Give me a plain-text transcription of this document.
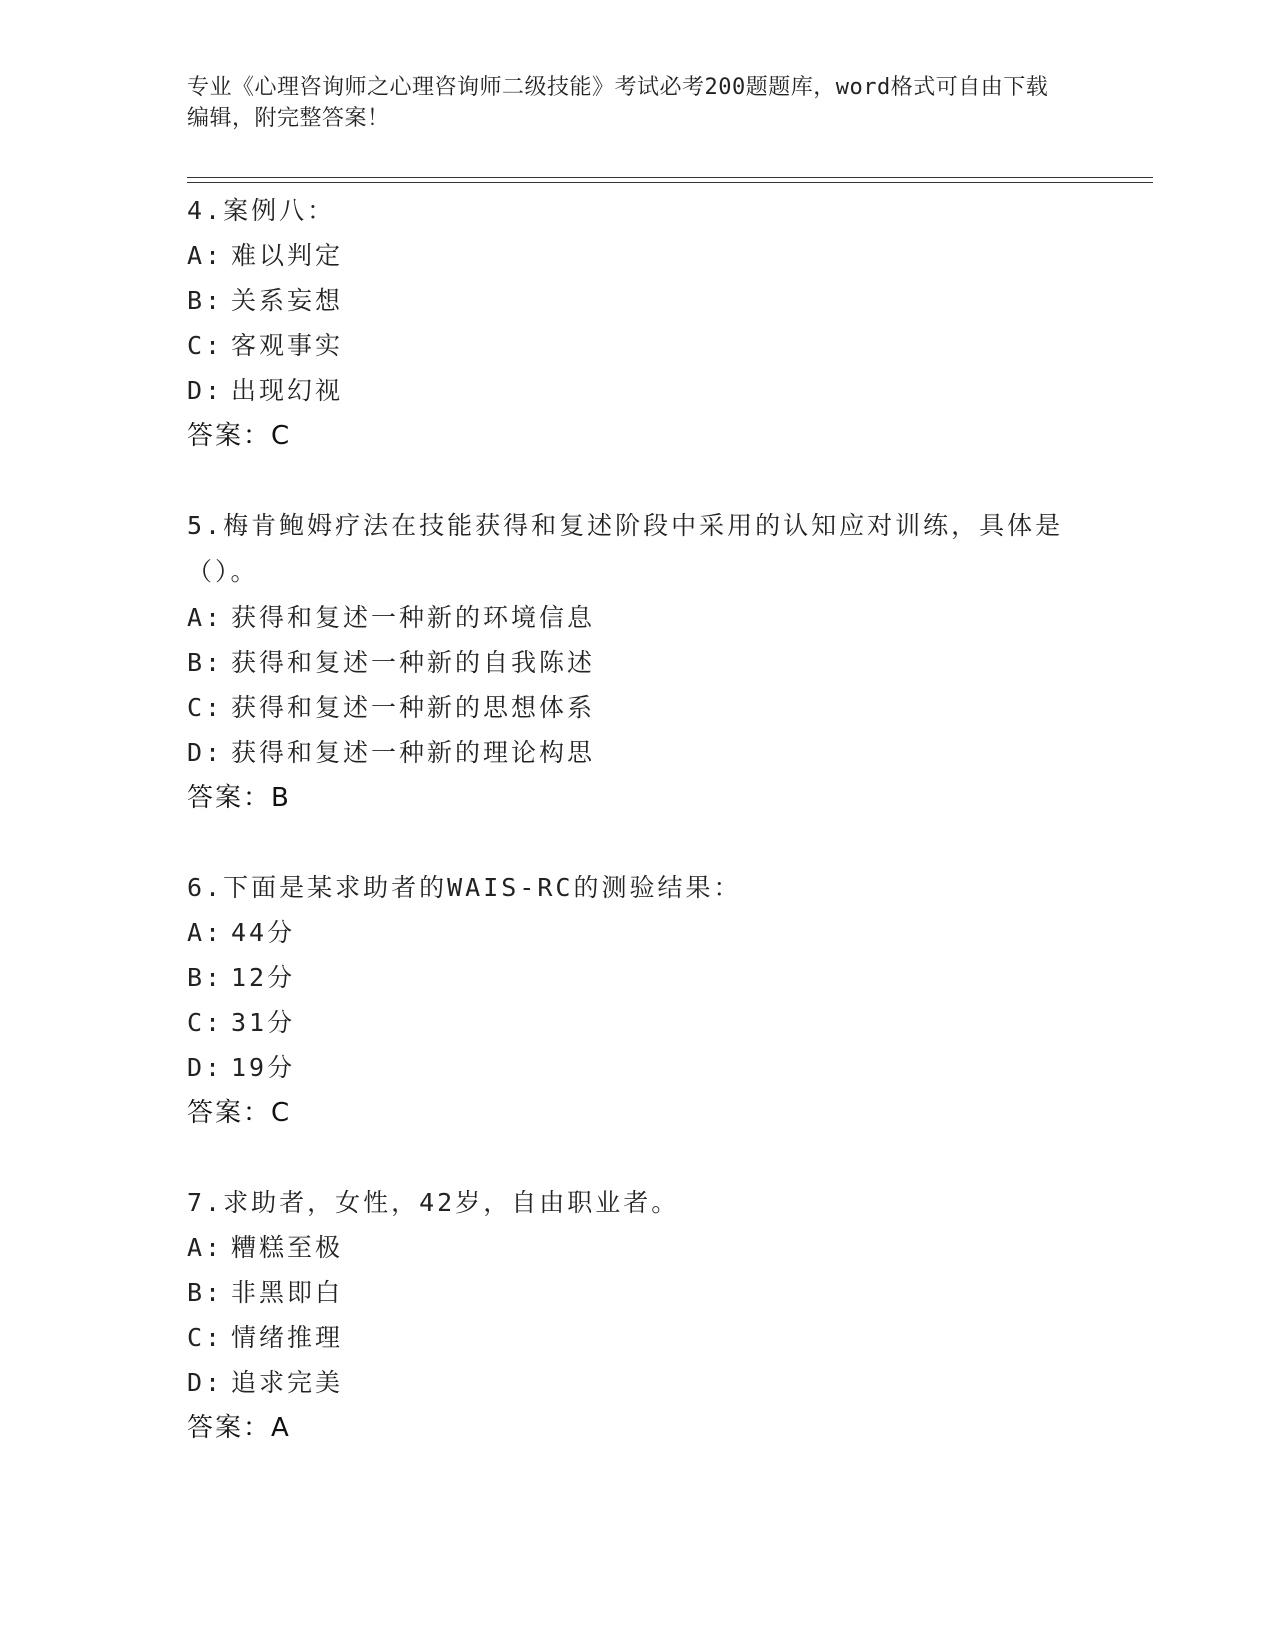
专业《心理咨询师之心理咨询师二级技能》考试必考200题题库，word格式可自由下载编辑，附完整答案！
4.案例八：
A: 难以判定
B: 关系妄想
C: 客观事实
D: 出现幻视
答案：C
5.梅肯鲍姆疗法在技能获得和复述阶段中采用的认知应对训练，具体是（）。
A: 获得和复述一种新的环境信息
B: 获得和复述一种新的自我陈述
C: 获得和复述一种新的思想体系
D: 获得和复述一种新的理论构思
答案：B
6.下面是某求助者的WAIS-RC的测验结果：
A: 44分
B: 12分
C: 31分
D: 19分
答案：C
7.求助者，女性，42岁，自由职业者。
A: 糟糕至极
B: 非黑即白
C: 情绪推理
D: 追求完美
答案：A
